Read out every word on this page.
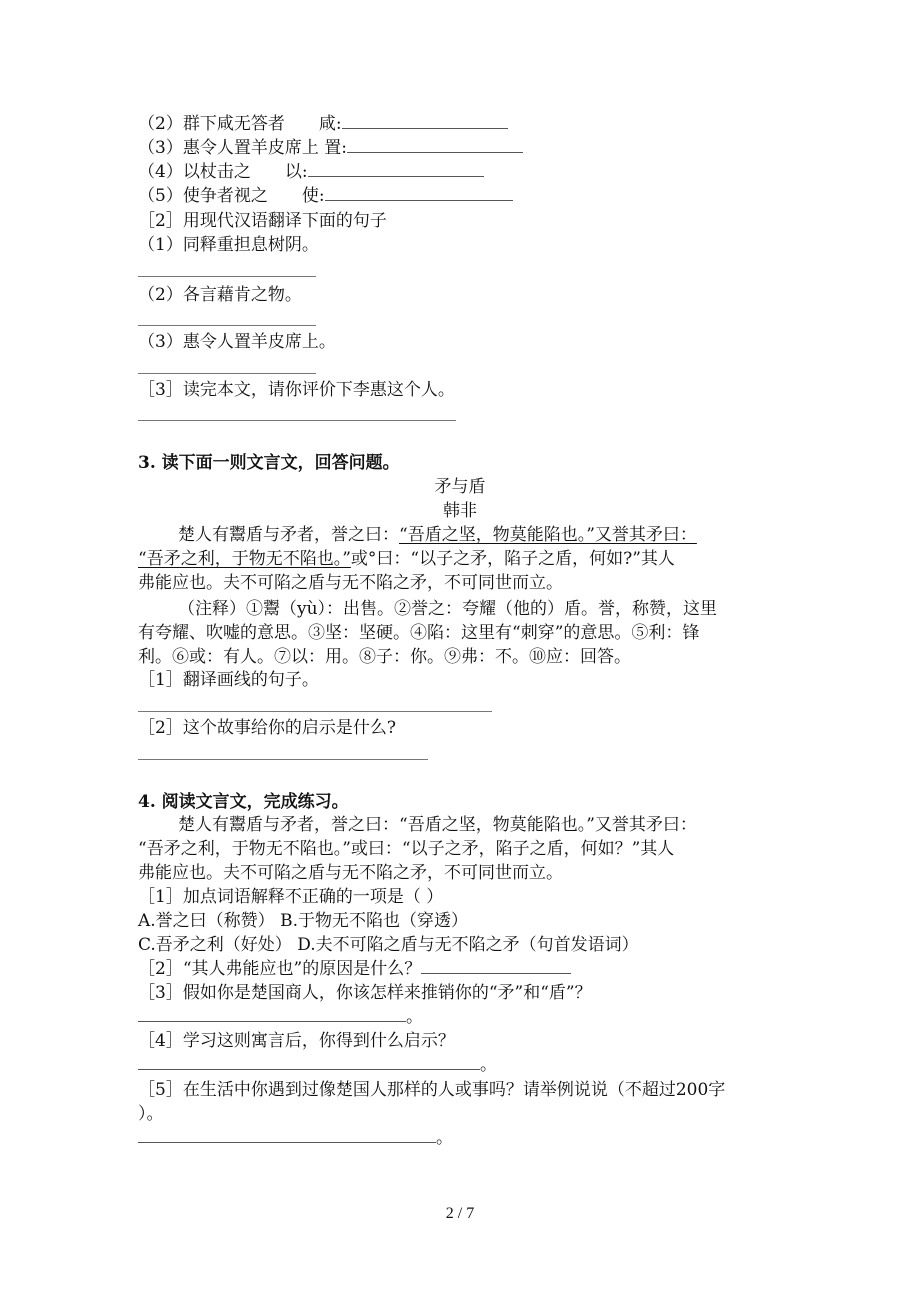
（2）群下咸无答者　　咸:
（3）惠令人置羊皮席上 置:
（4）以杖击之　　以:
（5）使争者视之　　使:
［2］用现代汉语翻译下面的句子
（1）同释重担息树阴。
（2）各言藉肯之物。
（3）惠令人置羊皮席上。
［3］读完本文，请你评价下李惠这个人。
3. 读下面一则文言文，回答问题。
矛与盾
韩非
楚人有鬻盾与矛者，誉之曰：“吾盾之坚，物莫能陷也。”又誉其矛曰：
“吾矛之利，于物无不陷也。”或°曰：“以子之矛，陷子之盾，何如?”其人
弗能应也。夫不可陷之盾与无不陷之矛，不可同世而立。
（注释）①鬻（yù）：出售。②誉之：夸耀（他的）盾。誉，称赞，这里
有夸耀、吹嘘的意思。③坚：坚硬。④陷：这里有“刺穿”的意思。⑤利：锋
利。⑥或：有人。⑦以：用。⑧子：你。⑨弗：不。⑩应：回答。
［1］翻译画线的句子。
［2］这个故事给你的启示是什么?
4. 阅读文言文，完成练习。
楚人有鬻盾与矛者，誉之曰：“吾盾之坚，物莫能陷也。”又誉其矛曰：
“吾矛之利，于物无不陷也。”或曰：“以子之矛，陷子之盾，何如？”其人
弗能应也。夫不可陷之盾与无不陷之矛，不可同世而立。
［1］加点词语解释不正确的一项是（ ）
A.誉之曰（称赞） B.于物无不陷也（穿透）
C.吾矛之利（好处） D.夫不可陷之盾与无不陷之矛（句首发语词）
［2］“其人弗能应也”的原因是什么？
［3］假如你是楚国商人，你该怎样来推销你的“矛”和“盾”？
。
［4］学习这则寓言后，你得到什么启示？
。
［5］在生活中你遇到过像楚国人那样的人或事吗？请举例说说（不超过200字
）。
。
2 / 7
